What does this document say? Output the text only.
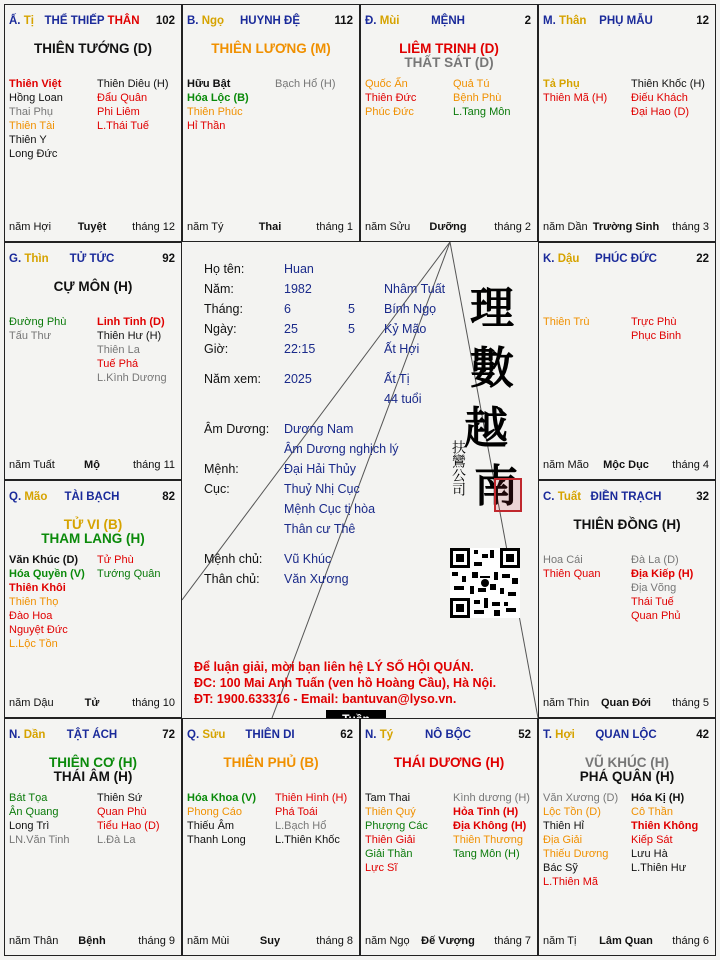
Họ tên:	Huan
Năm:	1982	Nhâm Tuất
Tháng:	6	5 Bính Ngọ
Ngày:	25	5 Kỷ Mão
Giờ:	22:15	Ất Hợi
Năm xem: 2025	Ất Tị
44 tuổi
Âm Dương: Dương Nam
Âm Dương nghịch lý
Mệnh:	Đại Hải Thủy
Cục:	Thuỷ Nhị Cục
Mệnh Cục tị hòa
Thân cư Thê
Mệnh chủ: Vũ Khúc
Thân chủ: Văn Xương
理
數
越
南
扶鸞公司
Để luận giải, mời bạn liên hệ LÝ SỐ HỘI QUÁN.
ĐC: 100 Mai Anh Tuấn (ven hồ Hoàng Cầu), Hà Nội.
ĐT: 1900.633316 - Email: bantuvan@lyso.vn.
Ấ. Tị THỂ THIẾP THÂN 102
THIÊN TƯỚNG (D)
Thiên Việt
Hồng Loan
Thai Phụ
Thiên Tài
Thiên Y
Long Đức
Thiên Diêu (H)
Đẩu Quân
Phi Liêm
L.Thái Tuế
năm Hợi Tuyệt tháng 12
B. Ngọ HUYNH ĐỆ	112
THIÊN LƯƠNG (M)
Hữu Bật
Hóa Lộc (B)
Thiên Phúc
Hỉ Thần
Bạch Hổ (H)
năm Tý	Thai	tháng 1
Đ. Mùi	MỆNH	2
LIÊM TRINH (D)
THẤT SÁT (D)
Quốc Ấn
Thiên Đức
Phúc Đức
Quả Tú
Bệnh Phù
L.Tang Môn
năm Sửu Dưỡng	tháng 2
M. Thân PHỤ MẪU	12
Tả Phụ
Thiên Mã (H)
Thiên Khốc (H)
Điếu Khách
Đại Hao (D)
năm Dần Trường Sinh tháng 3
G. Thìn TỬ TỨC	92
CỰ MÔN (H)
Đường Phù
Tấu Thư
Linh Tinh (D)
Thiên Hư (H)
Thiên La
Tuế Phá
L.Kình Dương
năm Tuất	Mộ	tháng 11
K. Dậu PHÚC ĐỨC	22
Thiên Trù	Trực Phù
Phục Binh
năm Mão Mộc Dục tháng 4
Q. Mão TÀI BẠCH	82
TỬ VI (B)
THAM LANG (H)
Văn Khúc (D)
Hóa Quyền (V)
Thiên Khôi
Thiên Thọ
Đào Hoa
Nguyệt Đức
L.Lộc Tồn
Tử Phù
Tướng Quân
năm Dậu	Tử	tháng 10
C. Tuất ĐIỀN TRẠCH	32
THIÊN ĐỒNG (H)
Hoa Cái
Thiên Quan
Đà La (D)
Địa Kiếp (H)
Địa Võng
Thái Tuế
Quan Phủ
năm Thìn Quan Đới tháng 5
N. Dần TẬT ÁCH	72
THIÊN CƠ (H)
THÁI ÂM (H)
Bát Tọa
Ân Quang
Long Trì
LN.Văn Tinh
Thiên Sứ
Quan Phù
Tiểu Hao (D)
L.Đà La
năm Thân Bệnh	tháng 9
Q. Sửu THIÊN DI	62
THIÊN PHỦ (B)
Hóa Khoa (V)
Phong Cáo
Thiếu Âm
Thanh Long
Thiên Hình (H)
Phá Toái
L.Bạch Hổ
L.Thiên Khốc
năm Mùi	Suy	tháng 8
N. Tý	NÔ BỘC	52
THÁI DƯƠNG (H)
Tam Thai
Thiên Quý
Phượng Các
Thiên Giải
Giải Thần
Lực Sĩ
Kình dương (H)
Hỏa Tinh (H)
Địa Không (H)
Thiên Thương
Tang Môn (H)
năm Ngọ Đế Vượng tháng 7
T. Hợi QUAN LỘC	42
VŨ KHÚC (H)
PHÁ QUÂN (H)
Văn Xương (D)
Lộc Tồn (D)
Thiên Hỉ
Địa Giải
Thiếu Dương
Bác Sỹ
L.Thiên Mã
Hóa Kị (H)
Cô Thần
Thiên Không
Kiếp Sát
Lưu Hà
L.Thiên Hư
năm Tị Lâm Quan tháng 6
